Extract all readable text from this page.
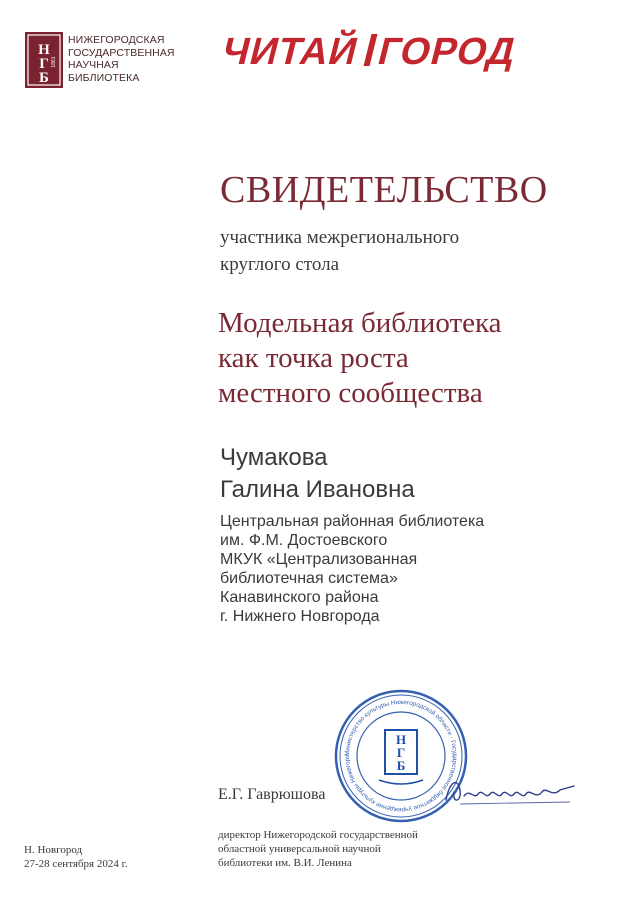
Н
Г
Б
1861
НИЖЕГОРОДСКАЯ
ГОСУДАРСТВЕННАЯ
НАУЧНАЯ
БИБЛИОТЕКА
ЧИТАЙ ГОРОД
СВИДЕТЕЛЬСТВО
участника межрегионального
круглого стола
Модельная библиотека
как точка роста
местного сообщества
Чумакова
Галина Ивановна
Центральная районная библиотека
им. Ф.М. Достоевского
МКУК «Централизованная
библиотечная система»
Канавинского района
г. Нижнего Новгорода
Е.Г. Гаврюшова
Министерство культуры Нижегородской области · Государственное бюджетное учреждение культуры Нижегоро
Н
Г
Б
директор Нижегородской государственной
областной универсальной научной
библиотеки им. В.И. Ленина
Н. Новгород
27-28 сентября 2024 г.
